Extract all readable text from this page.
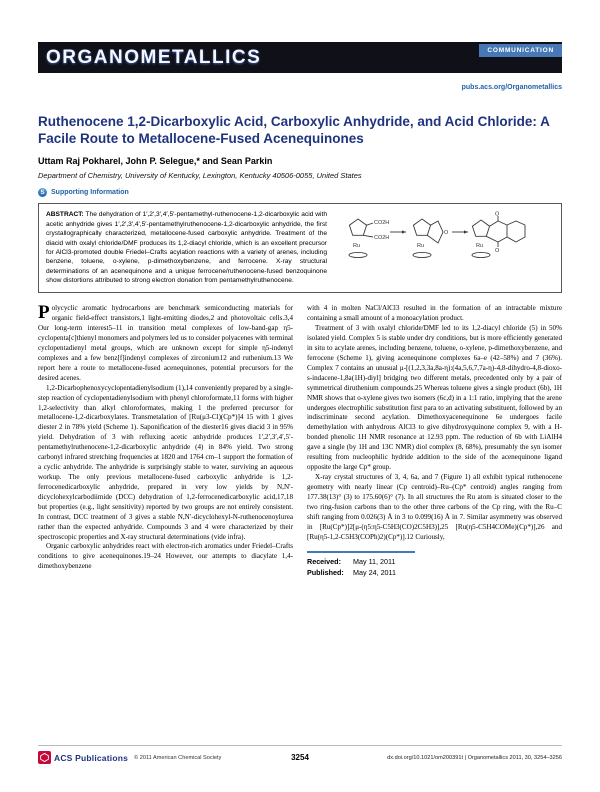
ORGANOMETALLICS	COMMUNICATION
pubs.acs.org/Organometallics
Ruthenocene 1,2-Dicarboxylic Acid, Carboxylic Anhydride, and Acid Chloride: A Facile Route to Metallocene-Fused Acenequinones
Uttam Raj Pokharel, John P. Selegue,* and Sean Parkin
Department of Chemistry, University of Kentucky, Lexington, Kentucky 40506-0055, United States
S Supporting Information
CO2H
CO2H
Ru
O
Ru
O
O
Ru

ABSTRACT: The dehydration of 1′,2′,3′,4′,5′-pentamethyl-ruthenocene-1,2-dicarboxylic acid with acetic anhydride gives 1′,2′,3′,4′,5′-pentamethylruthenocene-1,2-dicarboxylic anhydride, the first crystallographically characterized, metallocene-fused carboxylic anhydride. Treatment of the diacid with oxalyl chloride/DMF produces its 1,2-diacyl chloride, which is an excellent precursor for AlCl3-promoted double Friedel–Crafts acylation reactions with a variety of arenes, including benzene, toluene, o-xylene, p-dimethoxybenzene, and ferrocene. X-ray structural determinations of an acenequinone and a unique ferrocene/ruthenocene-fused benzoquinone show distortions attributed to strong electron donation from pentamethylruthenocene.

Polycyclic aromatic hydrocarbons are benchmark semiconducting materials for organic field-effect transistors,1 light-emitting diodes,2 and photovoltaic cells.3,4 Our long-term interest5–11 in transition metal complexes of low-band-gap η5-cyclopenta[c]thienyl monomers and polymers led us to consider polyacenes with terminal cyclopentadienyl metal groups, which are unknown except for simple η5-indenyl complexes and a few benz[f]indenyl complexes of zirconium12 and ruthenium.13 We report here a route to metallocene-fused acenequinones, potential precursors for the desired acenes.

1,2-Dicarbophenoxycyclopentadienylsodium (1),14 conveniently prepared by a single-step reaction of cyclopentadienylsodium with phenyl chloroformate,11 forms with higher 1,2-selectivity than alkyl chloroformates, making 1 the preferred precursor for metallocene-1,2-dicarboxylates. Transmetalation of [Ru(μ3-Cl)(Cp*)]4 15 with 1 gives diester 2 in 78% yield (Scheme 1). Saponification of the diester16 gives diacid 3 in 95% yield. Dehydration of 3 with refluxing acetic anhydride produces 1′,2′,3′,4′,5′-pentamethylruthenocene-1,2-dicarboxylic anhydride (4) in 84% yield. Two strong carbonyl infrared stretching frequencies at 1820 and 1764 cm–1 support the formation of a cyclic anhydride. The anhydride is surprisingly stable to water, surviving an aqueous workup. The only previous metallocene-fused carboxylic anhydride is 1,2-ferrocenedicarboxylic anhydride, prepared in very low yields by N,N′-dicyclohexylcarbodiimide (DCC) dehydration of 1,2-ferrocenedicarboxylic acid,17,18 but properties (e.g., light sensitivity) reported by two groups are not entirely consistent. In contrast, DCC treatment of 3 gives a stable N,N′-dicyclohexyl-N-ruthenocenoylurea rather than the expected anhydride. Compounds 3 and 4 were characterized by their spectroscopic properties and X-ray structural determinations (vide infra).

Organic carboxylic anhydrides react with electron-rich aromatics under Friedel–Crafts conditions to give acenequinones.19–24 However, our attempts to diacylate 1,4-dimethoxybenzene

with 4 in molten NaCl/AlCl3 resulted in the formation of an intractable mixture containing a small amount of a monoacylation product.

Treatment of 3 with oxalyl chloride/DMF led to its 1,2-diacyl chloride (5) in 50% isolated yield. Complex 5 is stable under dry conditions, but is more efficiently generated in situ to acylate arenes, including benzene, toluene, o-xylene, p-dimethoxybenzene, and ferrocene (Scheme 1), giving acenequinone complexes 6a–e (42–58%) and 7 (36%). Complex 7 contains an unusual μ-[(1,2,3,3a,8a-η):(4a,5,6,7,7a-η)-4,8-dihydro-4,8-dioxo-s-indacene-1,8a(1H)-diyl] bridging two different metals, precedented only by a pair of symmetrical diruthenium compounds.25 Whereas toluene gives a single product (6b), 1H NMR shows that o-xylene gives two isomers (6c,d) in a 1:1 ratio, implying that the arene undergoes electrophilic substitution first para to an activating substituent, followed by an indiscriminate second acylation. Dimethoxyacenequinone 6e undergoes facile demethylation with anhydrous AlCl3 to give dihydroxyquinone complex 9, with a H-bonded phenolic 1H NMR resonance at 12.93 ppm. The reduction of 6b with LiAlH4 gave a single (by 1H and 13C NMR) diol complex (8, 68%), presumably the syn isomer resulting from nucleophilic hydride addition to the side of the acenequinone ligand opposite the large Cp* group.

X-ray crystal structures of 3, 4, 6a, and 7 (Figure 1) all exhibit typical ruthenocene geometry with nearly linear (Cp centroid)–Ru–(Cp* centroid) angles ranging from 177.38(13)° (3) to 175.60(6)° (7). In all structures the Ru atom is situated closer to the two ring-fusion carbons than to the other three carbons of the Cp ring, with the Ru–C shift ranging from 0.026(3) Å in 3 to 0.099(16) Å in 7. Similar asymmetry was observed in [Ru(Cp*)]2[μ-(η5:η5-C5H3(CO)2C5H3)],25 [Ru(η5-C5H4COMe)(Cp*)],26 and [Ru(η5-1,2-C5H3(COPh)2)(Cp*)].12 Curiously,

Received: May 11, 2011
Published: May 24, 2011
ACS Publications © 2011 American Chemical Society	3254	dx.doi.org/10.1021/om200391t | Organometallics 2011, 30, 3254–3256
